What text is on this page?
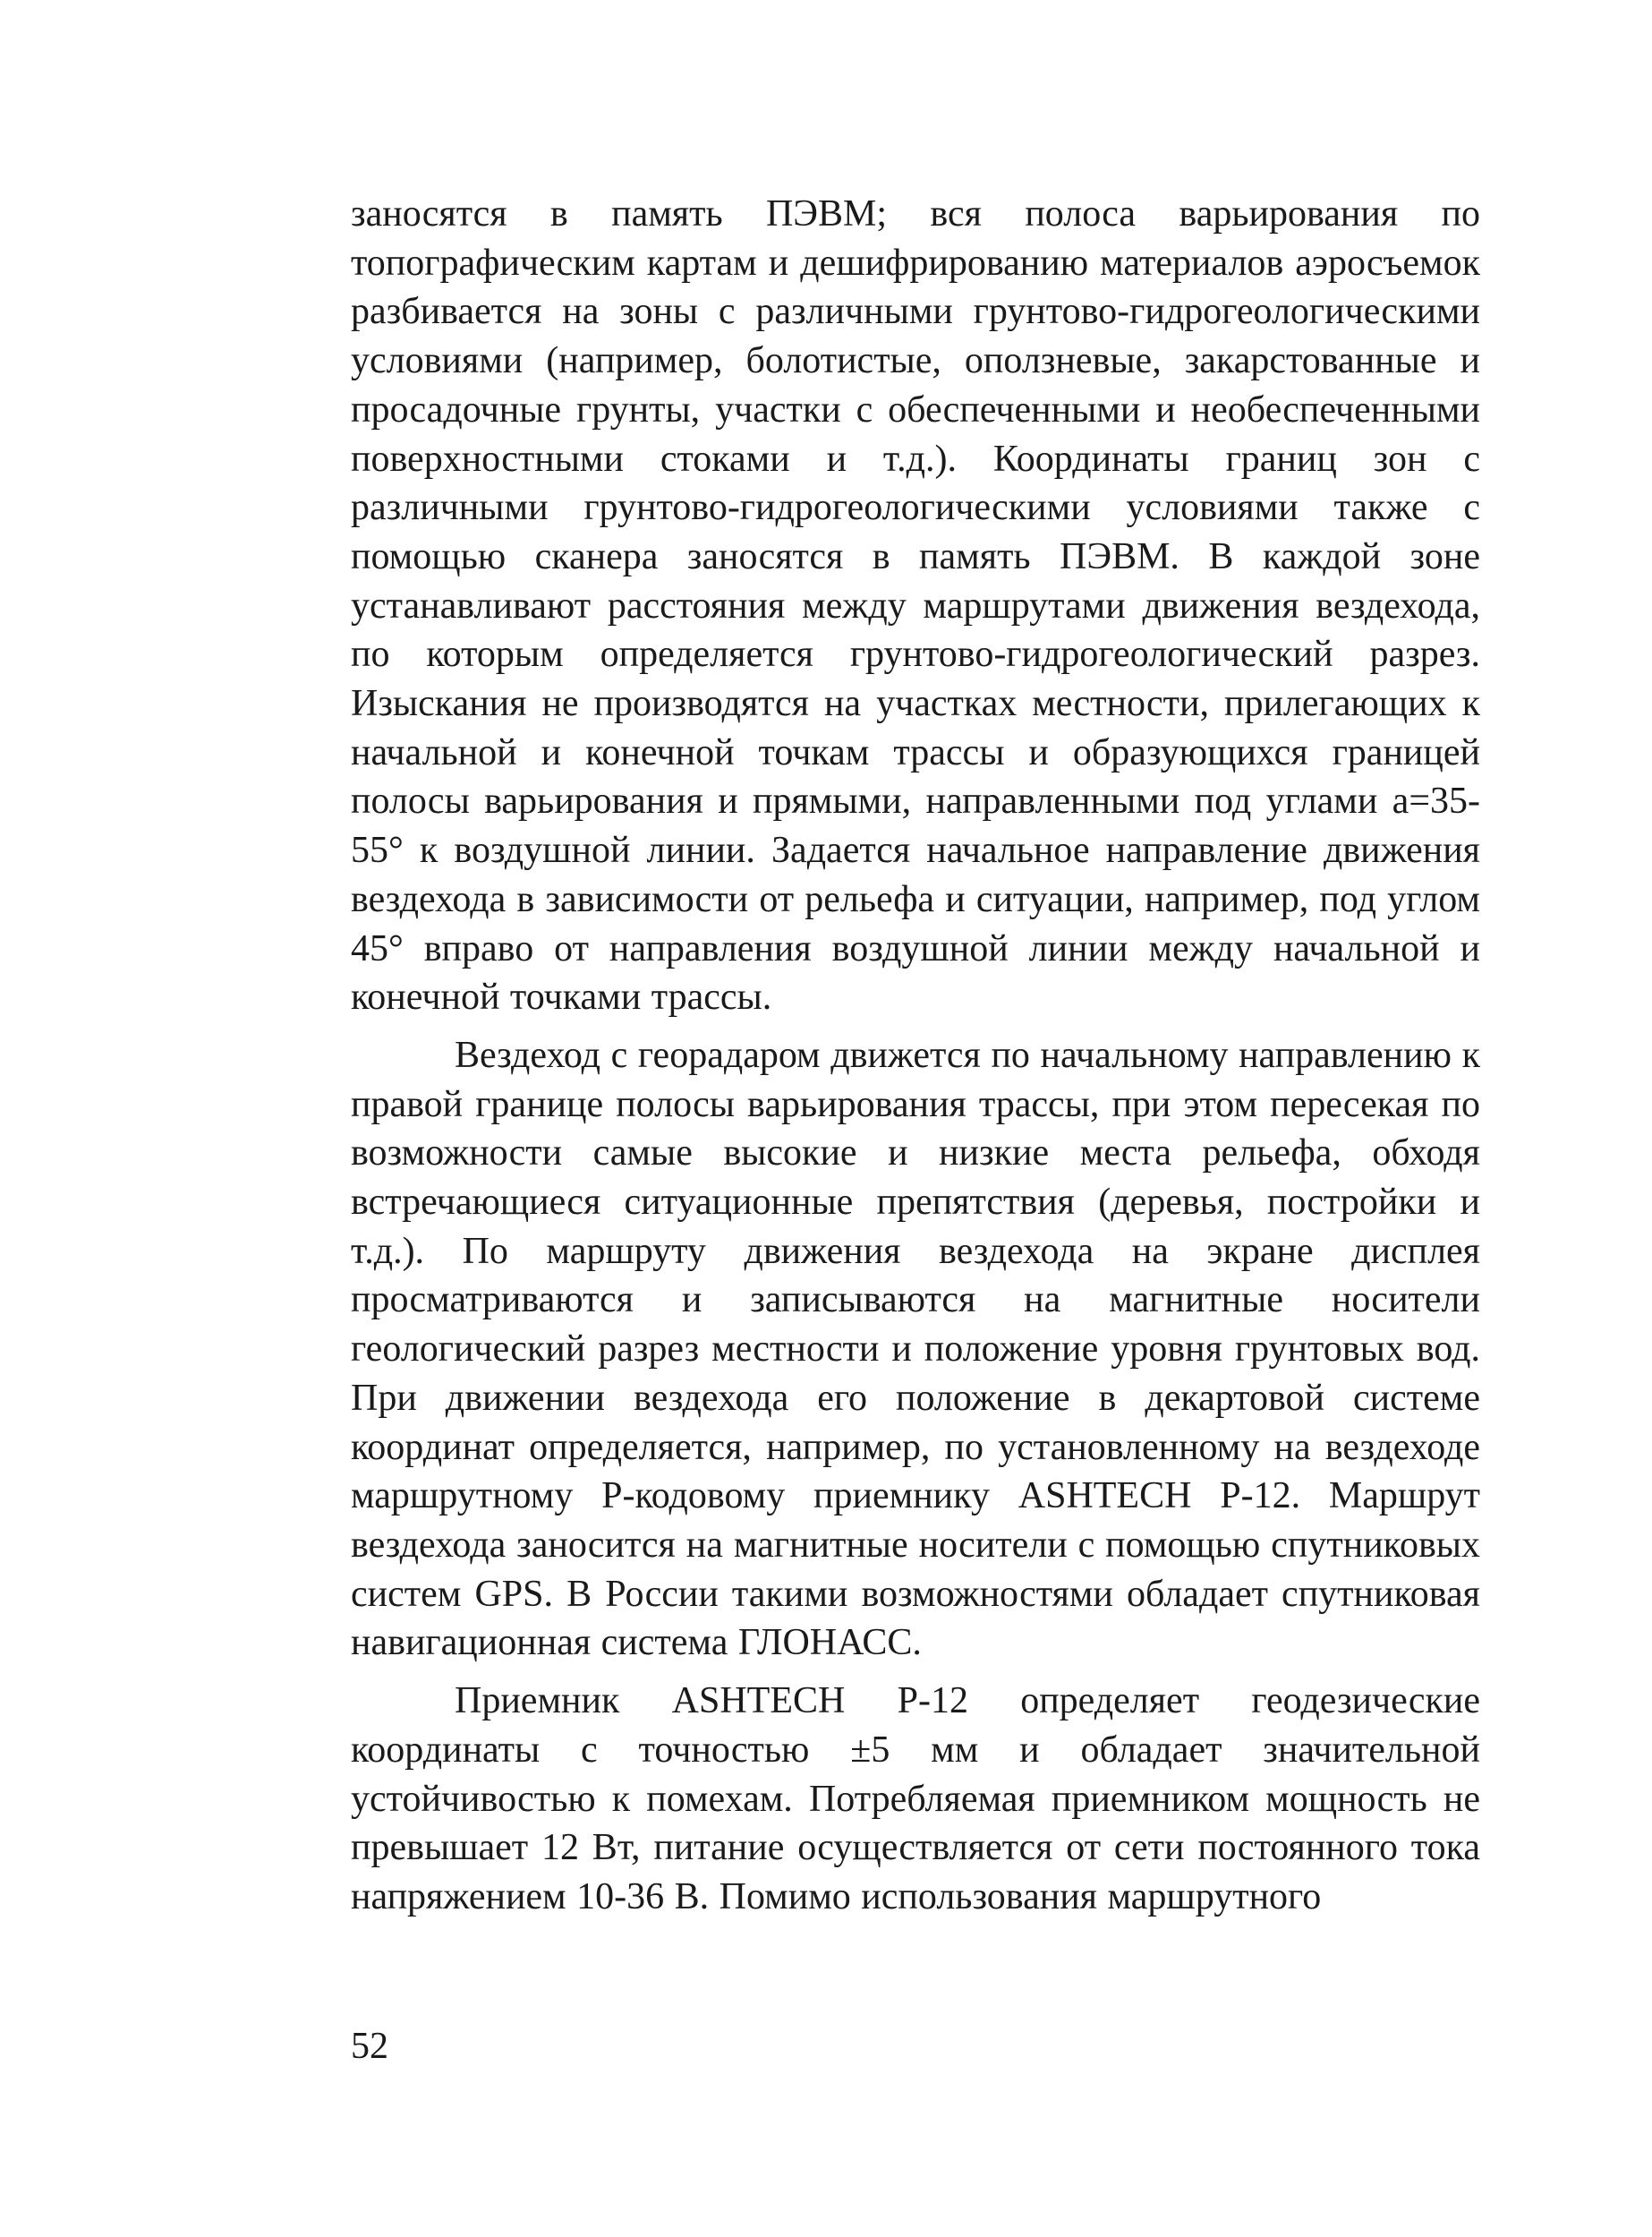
заносятся в память ПЭВМ; вся полоса варьирования по топографическим картам и дешифрированию материалов аэросъемок разбивается на зоны с различными грунтово-гидрогеологическими условиями (например, болотистые, оползневые, закарстованные и просадочные грунты, участки с обеспеченными и необеспеченными поверхностными стоками и т.д.). Координаты границ зон с различными грунтово-гидрогеологическими условиями также с помощью сканера заносятся в память ПЭВМ. В каждой зоне устанавливают расстояния между маршрутами движения вездехода, по которым определяется грунтово-гидрогеологический разрез. Изыскания не производятся на участках местности, прилегающих к начальной и конечной точкам трассы и образующихся границей полосы варьирования и прямыми, направленными под углами а=35-55° к воздушной линии. Задается начальное направление движения вездехода в зависимости от рельефа и ситуации, например, под углом 45° вправо от направления воздушной линии между начальной и конечной точками трассы.

Вездеход с георадаром движется по начальному направлению к правой границе полосы варьирования трассы, при этом пересекая по возможности самые высокие и низкие места рельефа, обходя встречающиеся ситуационные препятствия (деревья, постройки и т.д.). По маршруту движения вездехода на экране дисплея просматриваются и записываются на магнитные носители геологический разрез местности и положение уровня грунтовых вод. При движении вездехода его положение в декартовой системе координат определяется, например, по установленному на вездеходе маршрутному Р-кодовому приемнику ASHTECH Р-12. Маршрут вездехода заносится на магнитные носители с помощью спутниковых систем GPS. В России такими возможностями обладает спутниковая навигационная система ГЛОНАСС.

Приемник ASHTECH Р-12 определяет геодезические координаты с точностью ±5 мм и обладает значительной устойчивостью к помехам. Потребляемая приемником мощность не превышает 12 Вт, питание осуществляется от сети постоянного тока напряжением 10-36 В. Помимо использования маршрутного

52
